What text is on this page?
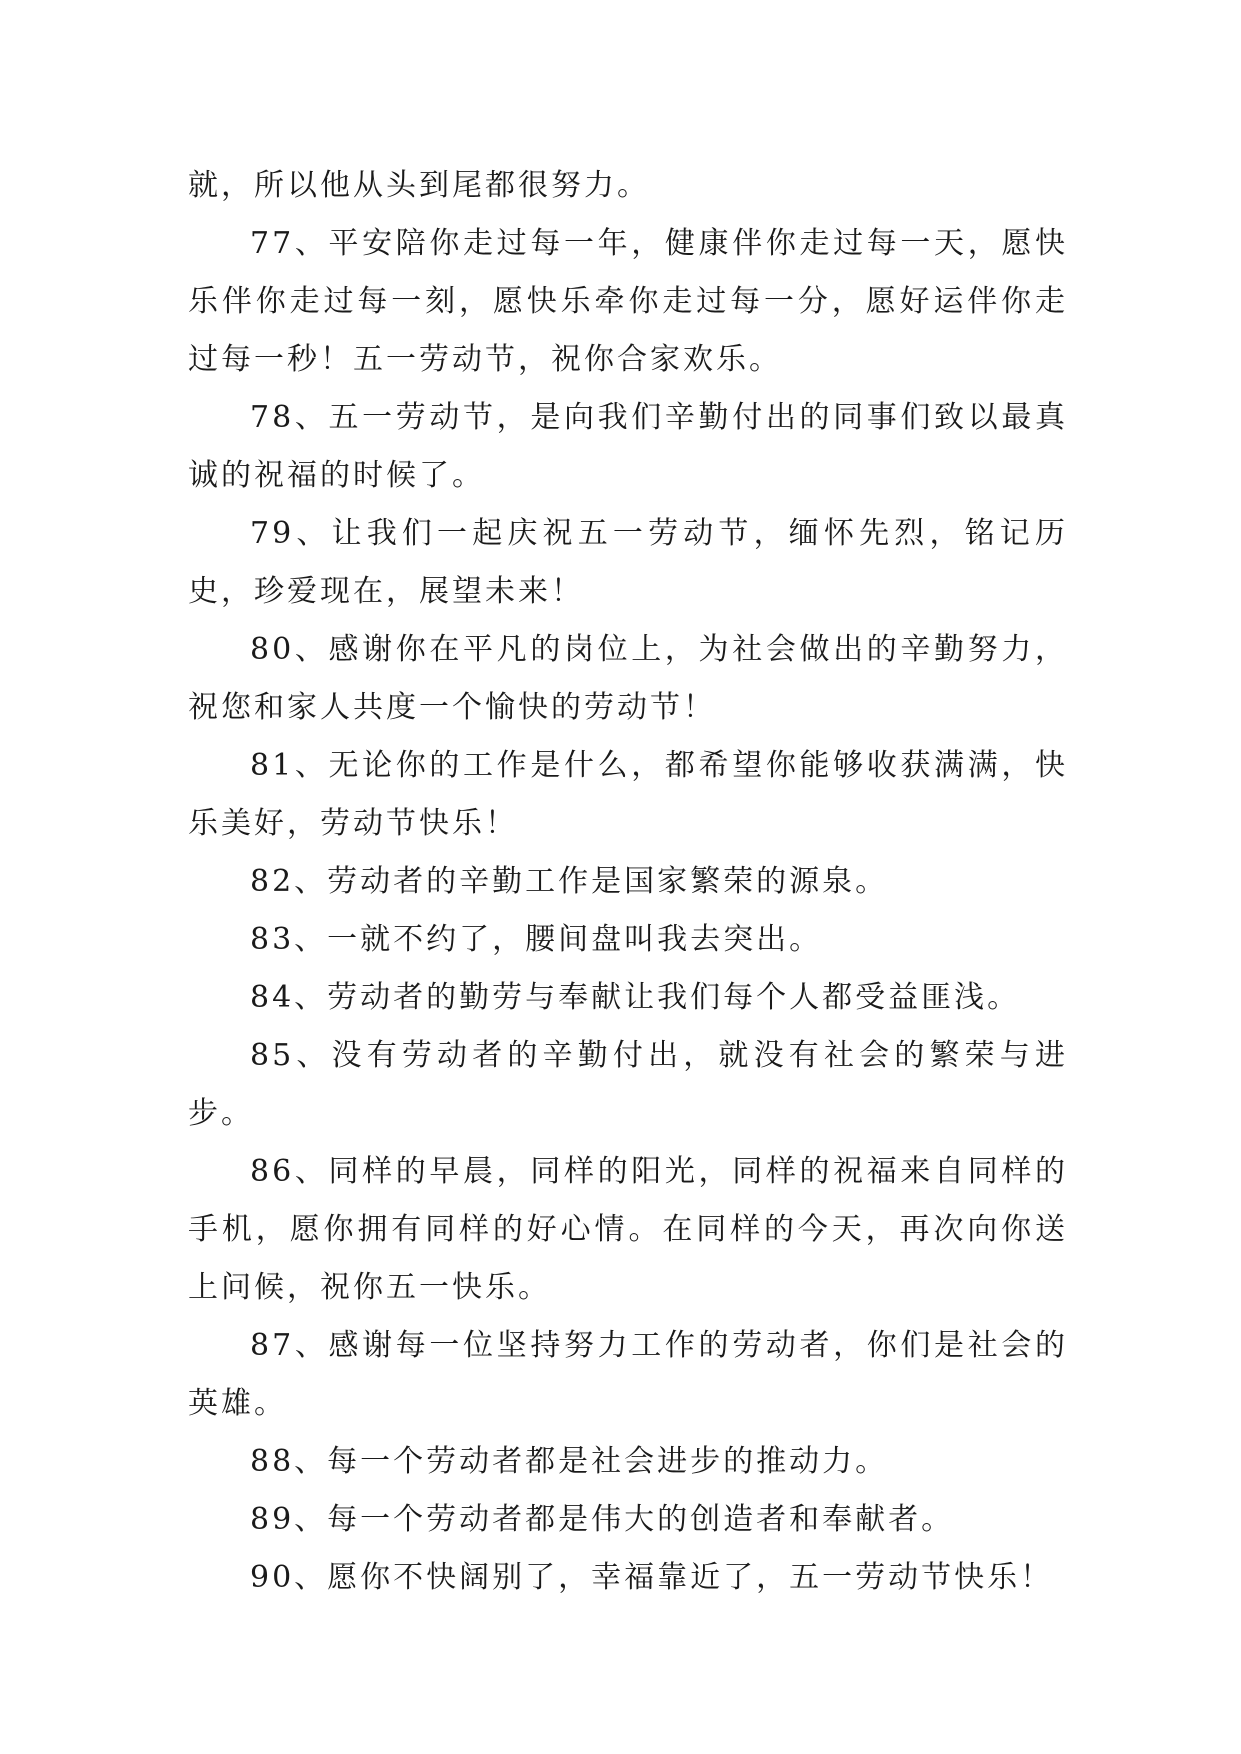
就，所以他从头到尾都很努力。

77、平安陪你走过每一年，健康伴你走过每一天，愿快乐伴你走过每一刻，愿快乐牵你走过每一分，愿好运伴你走过每一秒！五一劳动节，祝你合家欢乐。

78、五一劳动节，是向我们辛勤付出的同事们致以最真诚的祝福的时候了。

79、让我们一起庆祝五一劳动节，缅怀先烈，铭记历史，珍爱现在，展望未来！

80、感谢你在平凡的岗位上，为社会做出的辛勤努力，祝您和家人共度一个愉快的劳动节！

81、无论你的工作是什么，都希望你能够收获满满，快乐美好，劳动节快乐！

82、劳动者的辛勤工作是国家繁荣的源泉。

83、一就不约了，腰间盘叫我去突出。

84、劳动者的勤劳与奉献让我们每个人都受益匪浅。

85、没有劳动者的辛勤付出，就没有社会的繁荣与进步。

86、同样的早晨，同样的阳光，同样的祝福来自同样的手机，愿你拥有同样的好心情。在同样的今天，再次向你送上问候，祝你五一快乐。

87、感谢每一位坚持努力工作的劳动者，你们是社会的英雄。

88、每一个劳动者都是社会进步的推动力。

89、每一个劳动者都是伟大的创造者和奉献者。

90、愿你不快阔别了，幸福靠近了，五一劳动节快乐！
